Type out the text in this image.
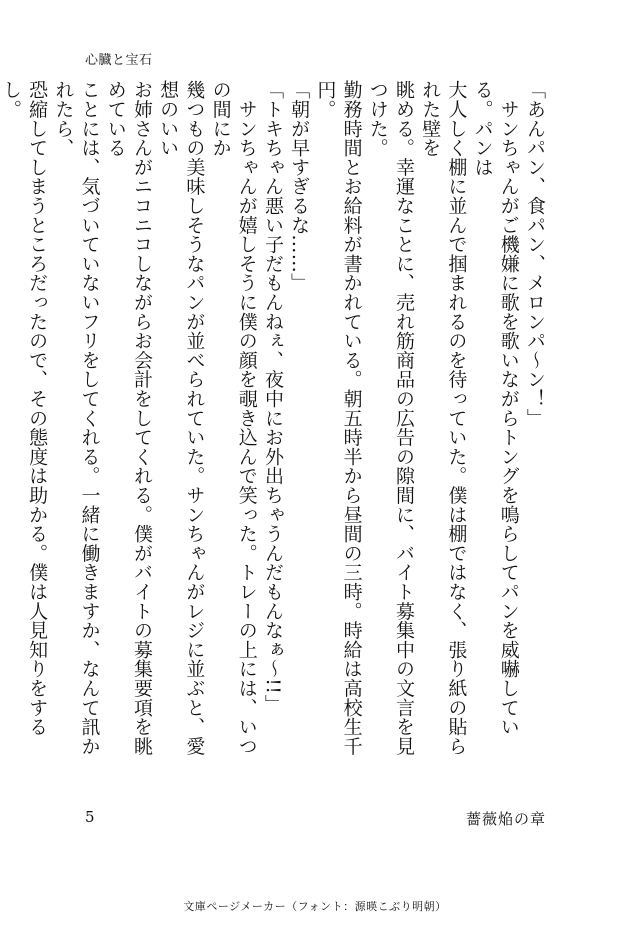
心臓と宝石

「あんパン、食パン、メロンパ〜ン！」

　サンちゃんがご機嫌に歌を歌いながらトングを鳴らしてパンを威嚇している。パンは

大人しく棚に並んで掴まれるのを待っていた。僕は棚ではなく、張り紙の貼られた壁を

眺める。幸運なことに、売れ筋商品の広告の隙間に、バイト募集中の文言を見つけた。

勤務時間とお給料が書かれている。朝五時半から昼間の三時。時給は高校生千円。

「朝が早すぎるな……」

「トキちゃん悪い子だもんねぇ、夜中にお外出ちゃうんだもんなぁ〜!!」

　サンちゃんが嬉しそうに僕の顔を覗き込んで笑った。トレーの上には、いつの間にか

幾つもの美味しそうなパンが並べられていた。サンちゃんがレジに並ぶと、愛想のいい

お姉さんがニコニコしながらお会計をしてくれる。僕がバイトの募集要項を眺めている

ことには、気づいていないフリをしてくれる。一緒に働きますか、なんて訊かれたら、

恐縮してしまうところだったので、その態度は助かる。僕は人見知りをするし。

5	薔薇焔の章
文庫ページメーカー（フォント：源暎こぶり明朝）
